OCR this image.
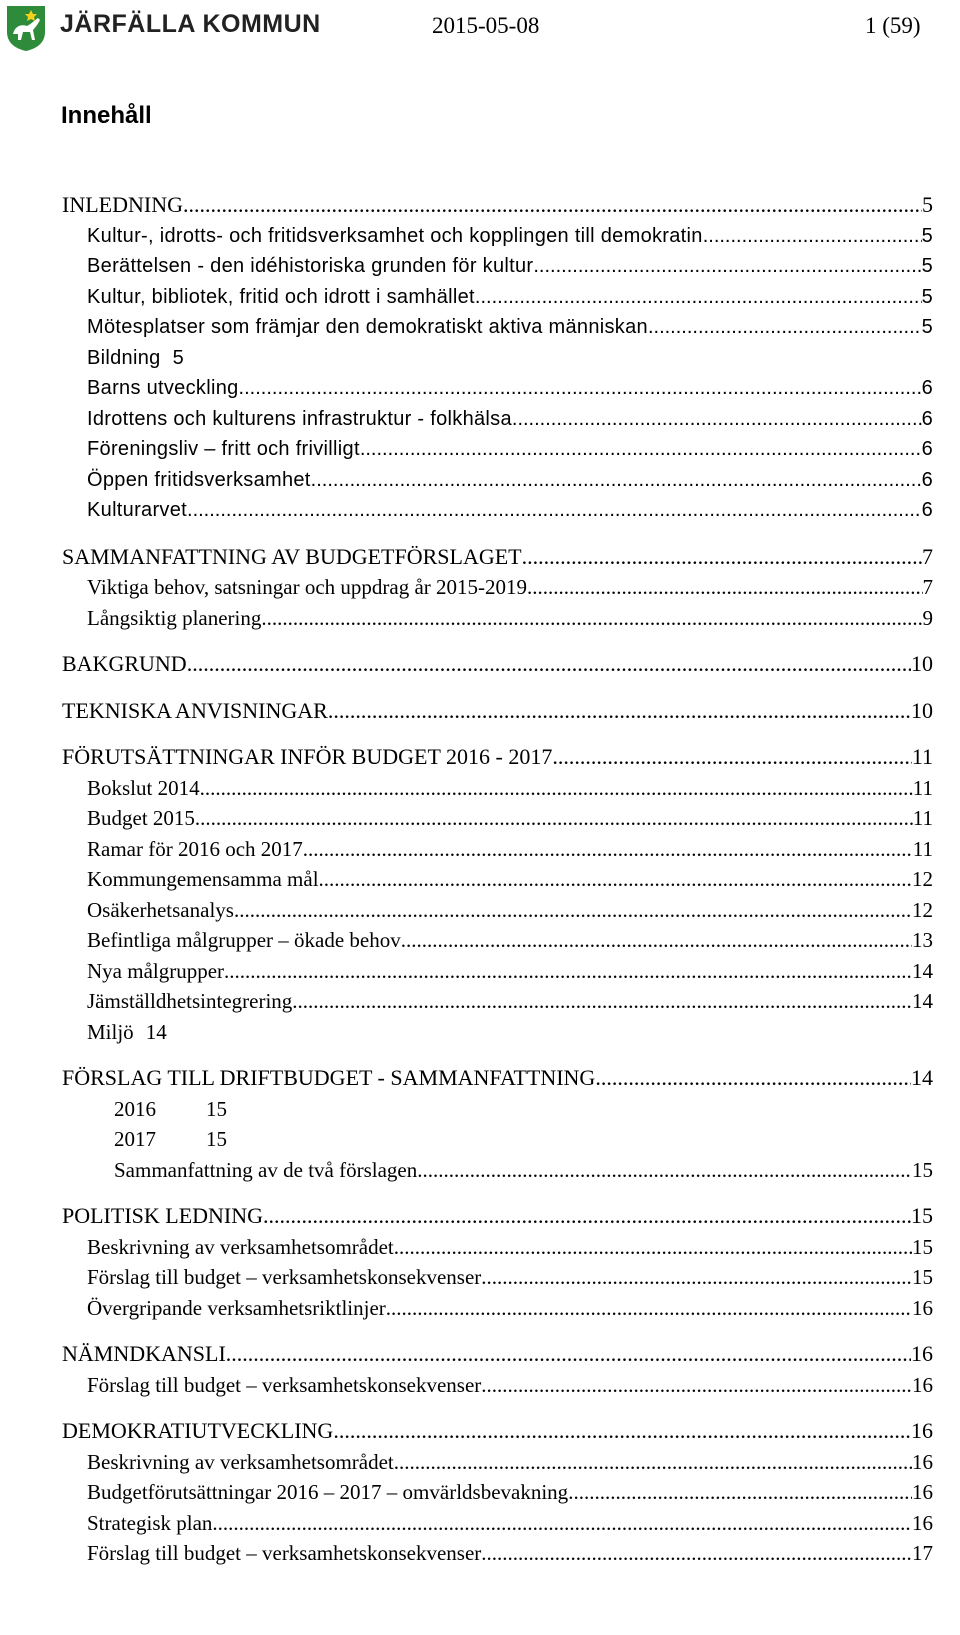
JÄRFÄLLA KOMMUN	2015-05-08	1 (59)
Innehåll
INLEDNING .....	5
Kultur-, idrotts- och fritidsverksamhet och kopplingen till demokratin .....	5
Berättelsen - den idéhistoriska grunden för kultur .....	5
Kultur, bibliotek, fritid och idrott i samhället .....	5
Mötesplatser som främjar den demokratiskt aktiva människan .....	5
Bildning 5
Barns utveckling .....	6
Idrottens och kulturens infrastruktur - folkhälsa .....	6
Föreningsliv – fritt och frivilligt .....	6
Öppen fritidsverksamhet .....	6
Kulturarvet .....	6
SAMMANFATTNING AV BUDGETFÖRSLAGET .....	7
Viktiga behov, satsningar och uppdrag år 2015-2019 .....	7
Långsiktig planering .....	9
BAKGRUND .....	10
TEKNISKA ANVISNINGAR .....	10
FÖRUTSÄTTNINGAR INFÖR BUDGET 2016 - 2017 .....	11
Bokslut 2014 .....	11
Budget 2015 .....	11
Ramar för 2016 och 2017 .....	11
Kommungemensamma mål .....	12
Osäkerhetsanalys .....	12
Befintliga målgrupper – ökade behov .....	13
Nya målgrupper .....	14
Jämställdhetsintegrering .....	14
Miljö 14
FÖRSLAG TILL DRIFTBUDGET - SAMMANFATTNING .....	14
2016	15
2017	15
Sammanfattning av de två förslagen .....	15
POLITISK LEDNING .....	15
Beskrivning av verksamhetsområdet .....	15
Förslag till budget – verksamhetskonsekvenser .....	15
Övergripande verksamhetsriktlinjer .....	16
NÄMNDKANSLI .....	16
Förslag till budget – verksamhetskonsekvenser .....	16
DEMOKRATIUTVECKLING .....	16
Beskrivning av verksamhetsområdet .....	16
Budgetförutsättningar 2016 – 2017 – omvärldsbevakning .....	16
Strategisk plan .....	16
Förslag till budget – verksamhetskonsekvenser .....	17
